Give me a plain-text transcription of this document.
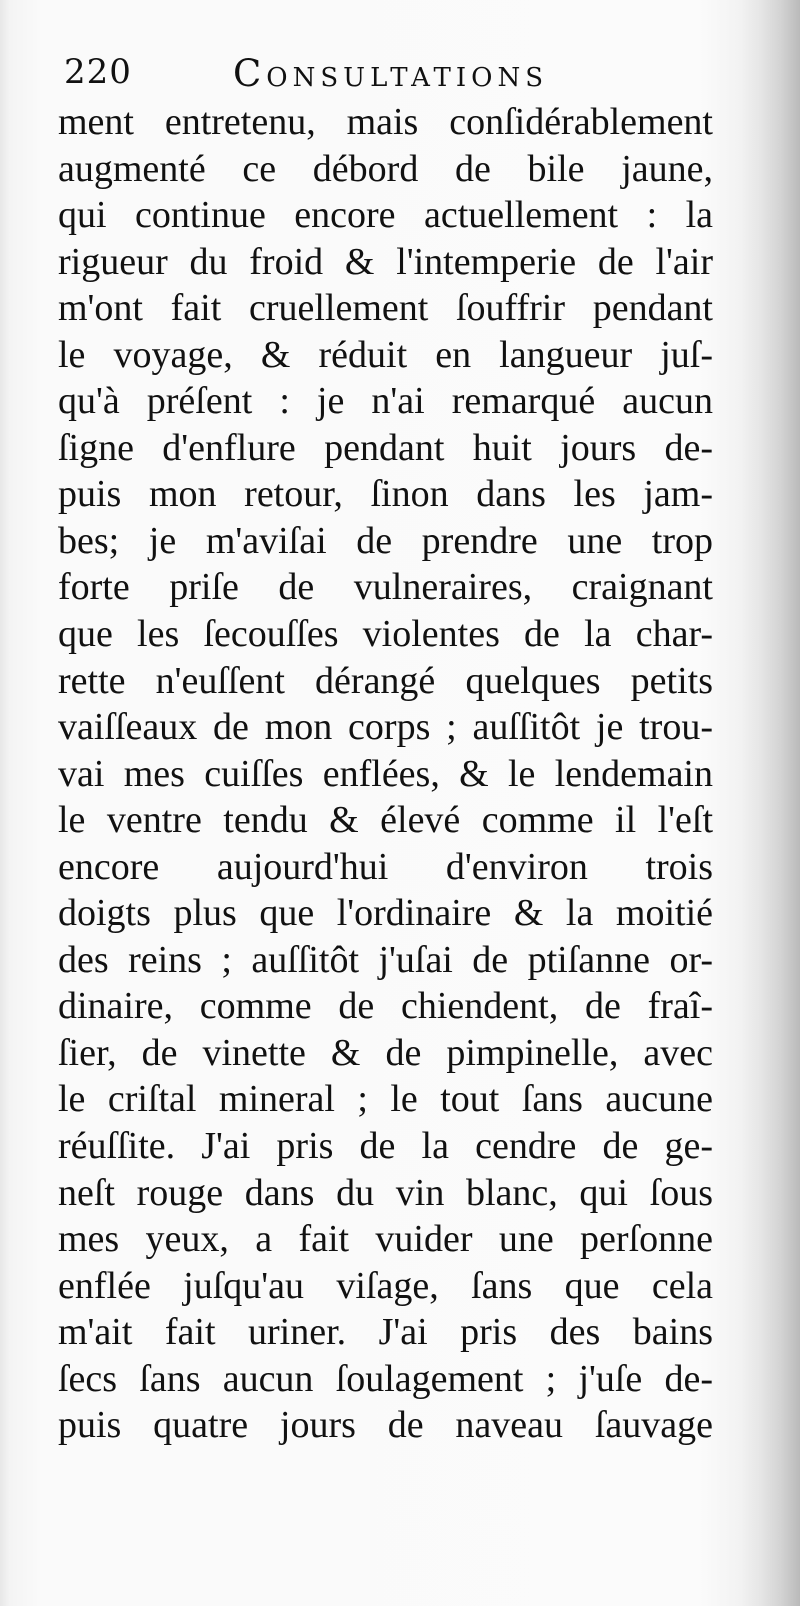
220	Consultations
ment entretenu, mais conſidérablement
augmenté ce débord de bile jaune,
qui continue encore actuellement : la
rigueur du froid & l'intemperie de l'air
m'ont fait cruellement ſouffrir pendant
le voyage, & réduit en langueur juſ-
qu'à préſent : je n'ai remarqué aucun
ſigne d'enflure pendant huit jours de-
puis mon retour, ſinon dans les jam-
bes; je m'aviſai de prendre une trop
forte priſe de vulneraires, craignant
que les ſecouſſes violentes de la char-
rette n'euſſent dérangé quelques petits
vaiſſeaux de mon corps ; auſſitôt je trou-
vai mes cuiſſes enflées, & le lendemain
le ventre tendu & élevé comme il l'eſt
encore aujourd'hui d'environ trois
doigts plus que l'ordinaire & la moitié
des reins ; auſſitôt j'uſai de ptiſanne or-
dinaire, comme de chiendent, de fraî-
ſier, de vinette & de pimpinelle, avec
le criſtal mineral ; le tout ſans aucune
réuſſite. J'ai pris de la cendre de ge-
neſt rouge dans du vin blanc, qui ſous
mes yeux, a fait vuider une perſonne
enflée juſqu'au viſage, ſans que cela
m'ait fait uriner. J'ai pris des bains
ſecs ſans aucun ſoulagement ; j'uſe de-
puis quatre jours de naveau ſauvage
